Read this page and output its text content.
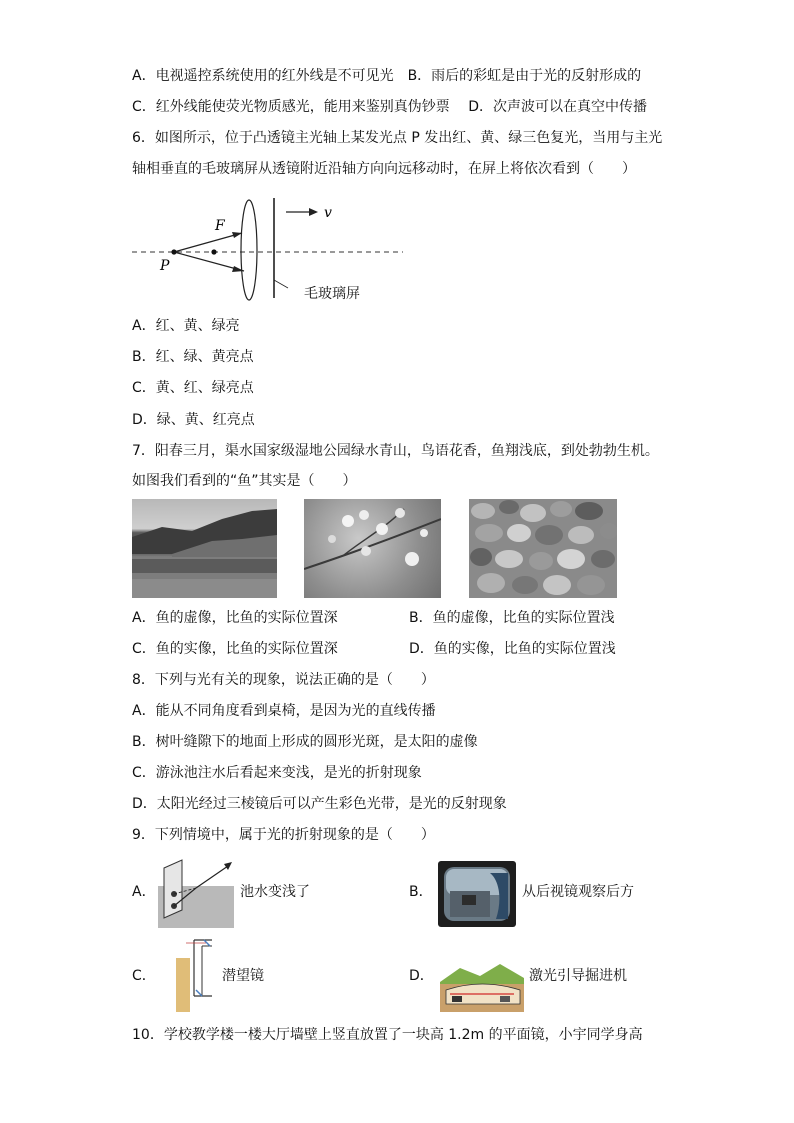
A．电视遥控系统使用的红外线是不可见光　B．雨后的彩虹是由于光的反射形成的
C．红外线能使荧光物质感光，能用来鉴别真伪钞票　 D．次声波可以在真空中传播
6．如图所示，位于凸透镜主光轴上某发光点 P 发出红、黄、绿三色复光，当用与主光
轴相垂直的毛玻璃屏从透镜附近沿轴方向向远移动时，在屏上将依次看到（　　）
F
P
v
毛玻璃屏
A．红、黄、绿亮
B．红、绿、黄亮点
C．黄、红、绿亮点
D．绿、黄、红亮点
7．阳春三月，渠水国家级湿地公园绿水青山，鸟语花香，鱼翔浅底，到处勃勃生机。
如图我们看到的“鱼”其实是（　　）
A．鱼的虚像，比鱼的实际位置深	B．鱼的虚像，比鱼的实际位置浅
C．鱼的实像，比鱼的实际位置深	D．鱼的实像，比鱼的实际位置浅
8．下列与光有关的现象，说法正确的是（　　）
A．能从不同角度看到桌椅，是因为光的直线传播
B．树叶缝隙下的地面上形成的圆形光斑，是太阳的虚像
C．游泳池注水后看起来变浅，是光的折射现象
D．太阳光经过三棱镜后可以产生彩色光带，是光的反射现象
9．下列情境中，属于光的折射现象的是（　　）
A．	池水变浅了	B．	从后视镜观察后方
C．	潜望镜	D．	激光引导掘进机
10．学校教学楼一楼大厅墙壁上竖直放置了一块高 1.2m 的平面镜，小宇同学身高
